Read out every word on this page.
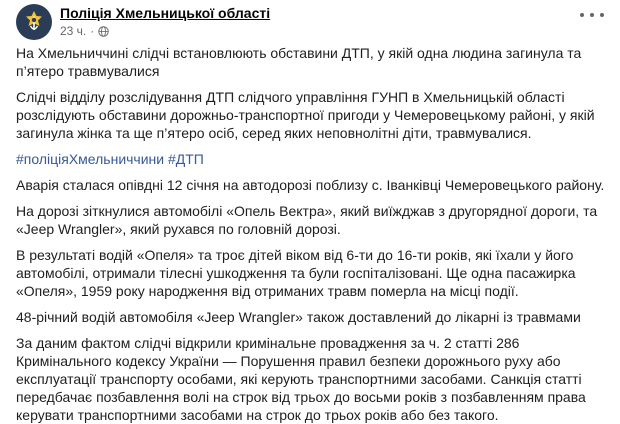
Поліція Хмельницької області
23 ч. ·

На Хмельниччині слідчі встановлюють обставини ДТП, у якій одна людина загинула та п’ятеро травмувалися

Слідчі відділу розслідування ДТП слідчого управління ГУНП в Хмельницькій області розслідують обставини дорожньо-транспортної пригоди у Чемеровецькому районі, у якій загинула жінка та ще п’ятеро осіб, серед яких неповнолітні діти, травмувалися.

#поліціяХмельниччини #ДТП

Аварія сталася опівдні 12 січня на автодорозі поблизу с. Іванківці Чемеровецького району.

На дорозі зіткнулися автомобілі «Опель Вектра», який виїжджав з другорядної дороги, та «Jeep Wrangler», який рухався по головній дорозі.

В результаті водій «Опеля» та троє дітей віком від 6-ти до 16-ти років, які їхали у його автомобілі, отримали тілесні ушкодження та були госпіталізовані. Ще одна пасажирка «Опеля», 1959 року народження від отриманих травм померла на місці події.

48-річний водій автомобіля «Jeep Wrangler» також доставлений до лікарні із травмами

За даним фактом слідчі відкрили кримінальне провадження за ч. 2 статті 286 Кримінального кодексу України — Порушення правил безпеки дорожнього руху або експлуатації транспорту особами, які керують транспортними засобами. Санкція статті передбачає позбавлення волі на строк від трьох до восьми років з позбавленням права керувати транспортними засобами на строк до трьох років або без такого.
